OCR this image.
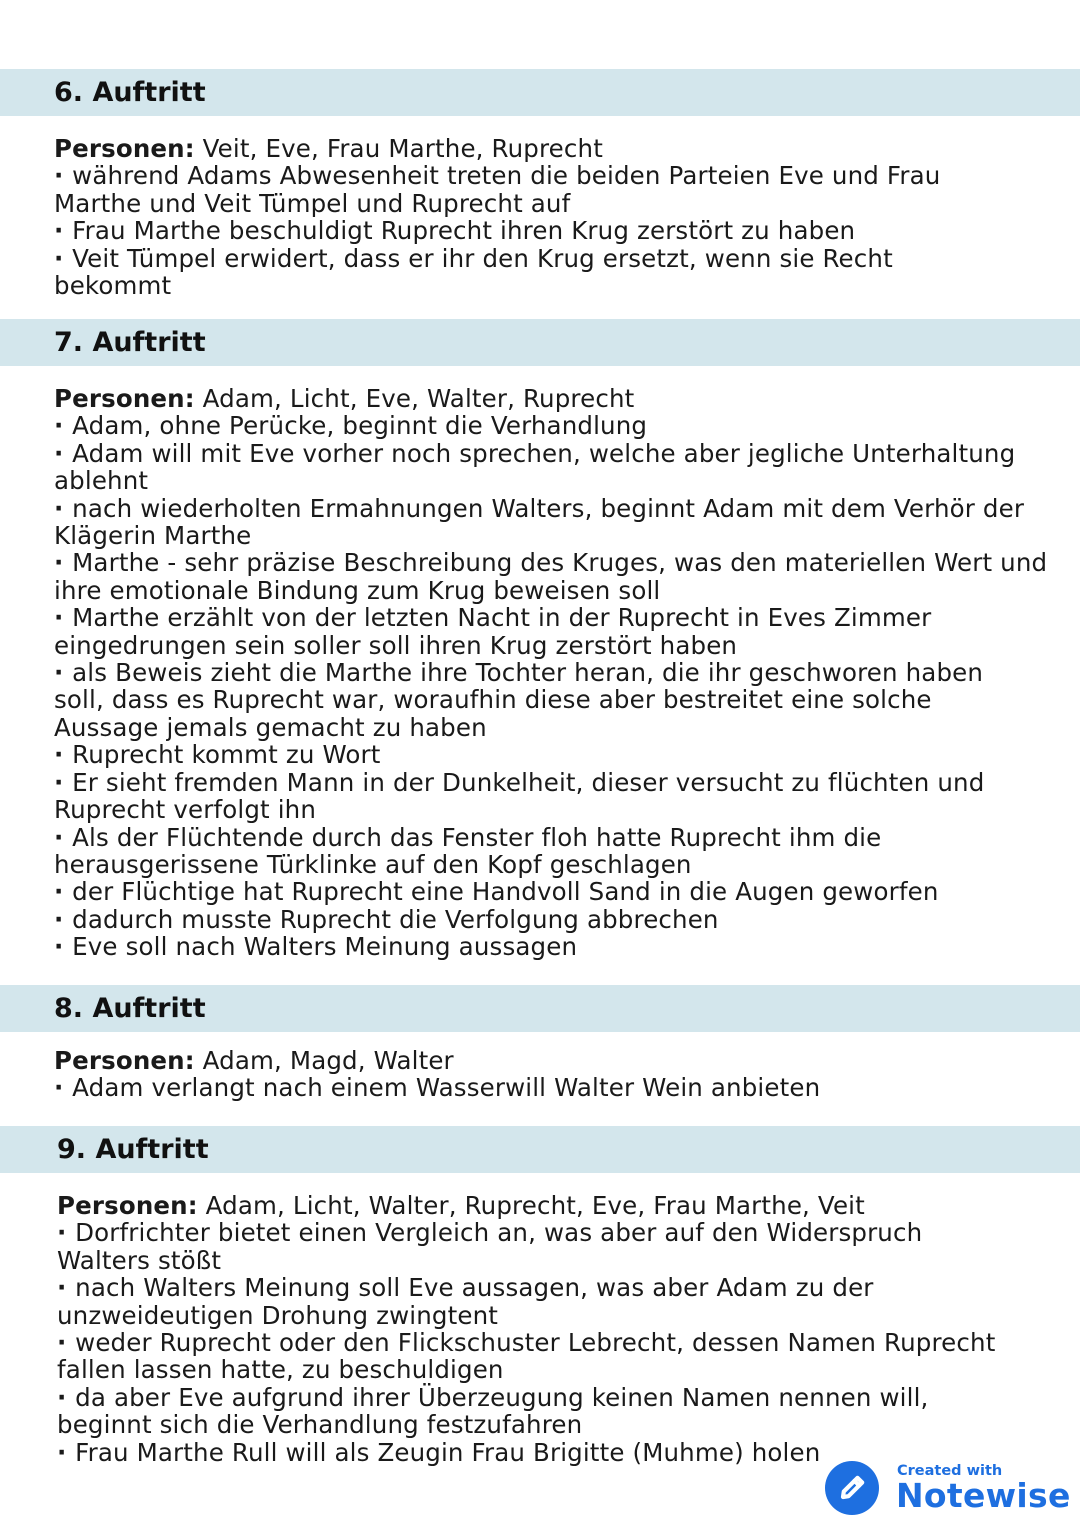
6. Auftritt
Personen: Veit, Eve, Frau Marthe, Ruprecht
· während Adams Abwesenheit treten die beiden Parteien Eve und Frau Marthe und Veit Tümpel und Ruprecht auf
· Frau Marthe beschuldigt Ruprecht ihren Krug zerstört zu haben
· Veit Tümpel erwidert, dass er ihr den Krug ersetzt, wenn sie Recht bekommt
7. Auftritt
Personen: Adam, Licht, Eve, Walter, Ruprecht
· Adam, ohne Perücke, beginnt die Verhandlung
· Adam will mit Eve vorher noch sprechen, welche aber jegliche Unterhaltung ablehnt
· nach wiederholten Ermahnungen Walters, beginnt Adam mit dem Verhör der Klägerin Marthe
· Marthe - sehr präzise Beschreibung des Kruges, was den materiellen Wert und ihre emotionale Bindung zum Krug beweisen soll
· Marthe erzählt von der letzten Nacht in der Ruprecht in Eves Zimmer eingedrungen sein soller soll ihren Krug zerstört haben
· als Beweis zieht die Marthe ihre Tochter heran, die ihr geschworen haben soll, dass es Ruprecht war, woraufhin diese aber bestreitet eine solche Aussage jemals gemacht zu haben
· Ruprecht kommt zu Wort
· Er sieht fremden Mann in der Dunkelheit, dieser versucht zu flüchten und Ruprecht verfolgt ihn
· Als der Flüchtende durch das Fenster floh hatte Ruprecht ihm die herausgerissene Türklinke auf den Kopf geschlagen
· der Flüchtige hat Ruprecht eine Handvoll Sand in die Augen geworfen
· dadurch musste Ruprecht die Verfolgung abbrechen
· Eve soll nach Walters Meinung aussagen
8. Auftritt
Personen: Adam, Magd, Walter
· Adam verlangt nach einem Wasserwill Walter Wein anbieten
9. Auftritt
Personen: Adam, Licht, Walter, Ruprecht, Eve, Frau Marthe, Veit
· Dorfrichter bietet einen Vergleich an, was aber auf den Widerspruch Walters stößt
· nach Walters Meinung soll Eve aussagen, was aber Adam zu der unzweideutigen Drohung zwingtent
· weder Ruprecht oder den Flickschuster Lebrecht, dessen Namen Ruprecht fallen lassen hatte, zu beschuldigen
· da aber Eve aufgrund ihrer Überzeugung keinen Namen nennen will, beginnt sich die Verhandlung festzufahren
· Frau Marthe Rull will als Zeugin Frau Brigitte (Muhme) holen
Created with
Notewise
